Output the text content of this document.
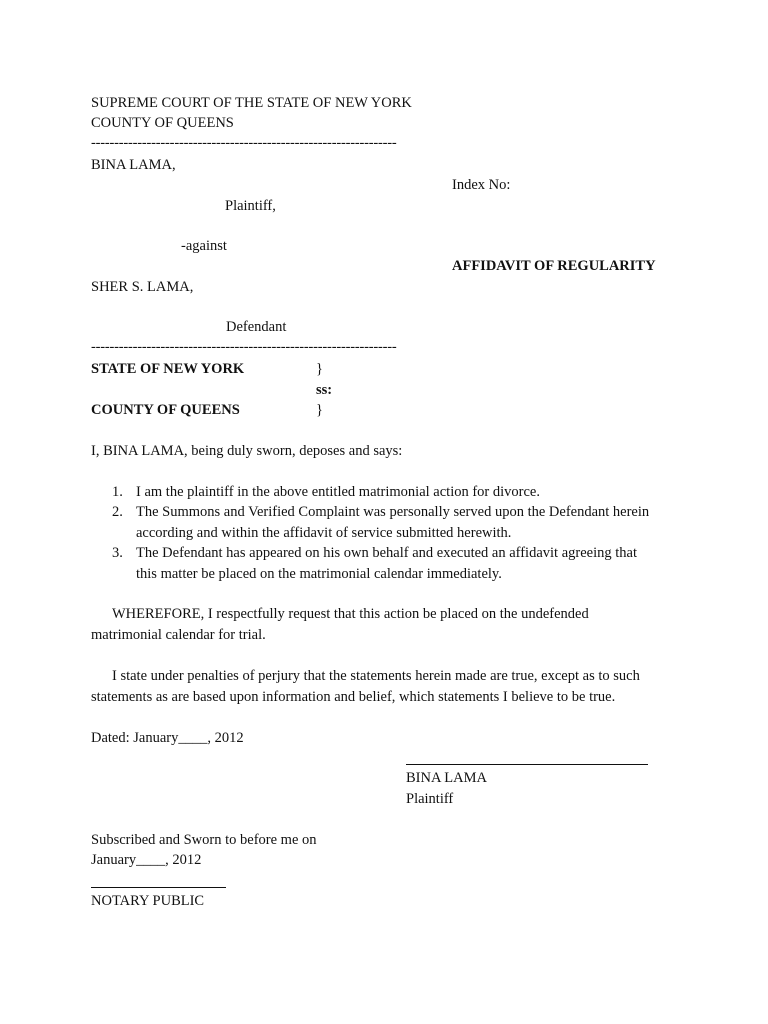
SUPREME COURT OF THE STATE OF NEW YORK
COUNTY OF QUEENS
------------------------------------------------------------------
BINA LAMA,
Index No:
Plaintiff,
-against
AFFIDAVIT OF REGULARITY
SHER S. LAMA,
Defendant
------------------------------------------------------------------
STATE OF NEW YORK	}
ss:
COUNTY OF QUEENS	}
I, BINA LAMA, being duly sworn, deposes and says:
1. I am the plaintiff in the above entitled matrimonial action for divorce.
2. The Summons and Verified Complaint was personally served upon the Defendant herein
according and within the affidavit of service submitted herewith.
3. The Defendant has appeared on his own behalf and executed an affidavit agreeing that
this matter be placed on the matrimonial calendar immediately.
WHEREFORE, I respectfully request that this action be placed on the undefended
matrimonial calendar for trial.
I state under penalties of perjury that the statements herein made are true, except as to such
statements as are based upon information and belief, which statements I believe to be true.
Dated: January____, 2012
BINA LAMA
Plaintiff
Subscribed and Sworn to before me on
January____, 2012
NOTARY PUBLIC
